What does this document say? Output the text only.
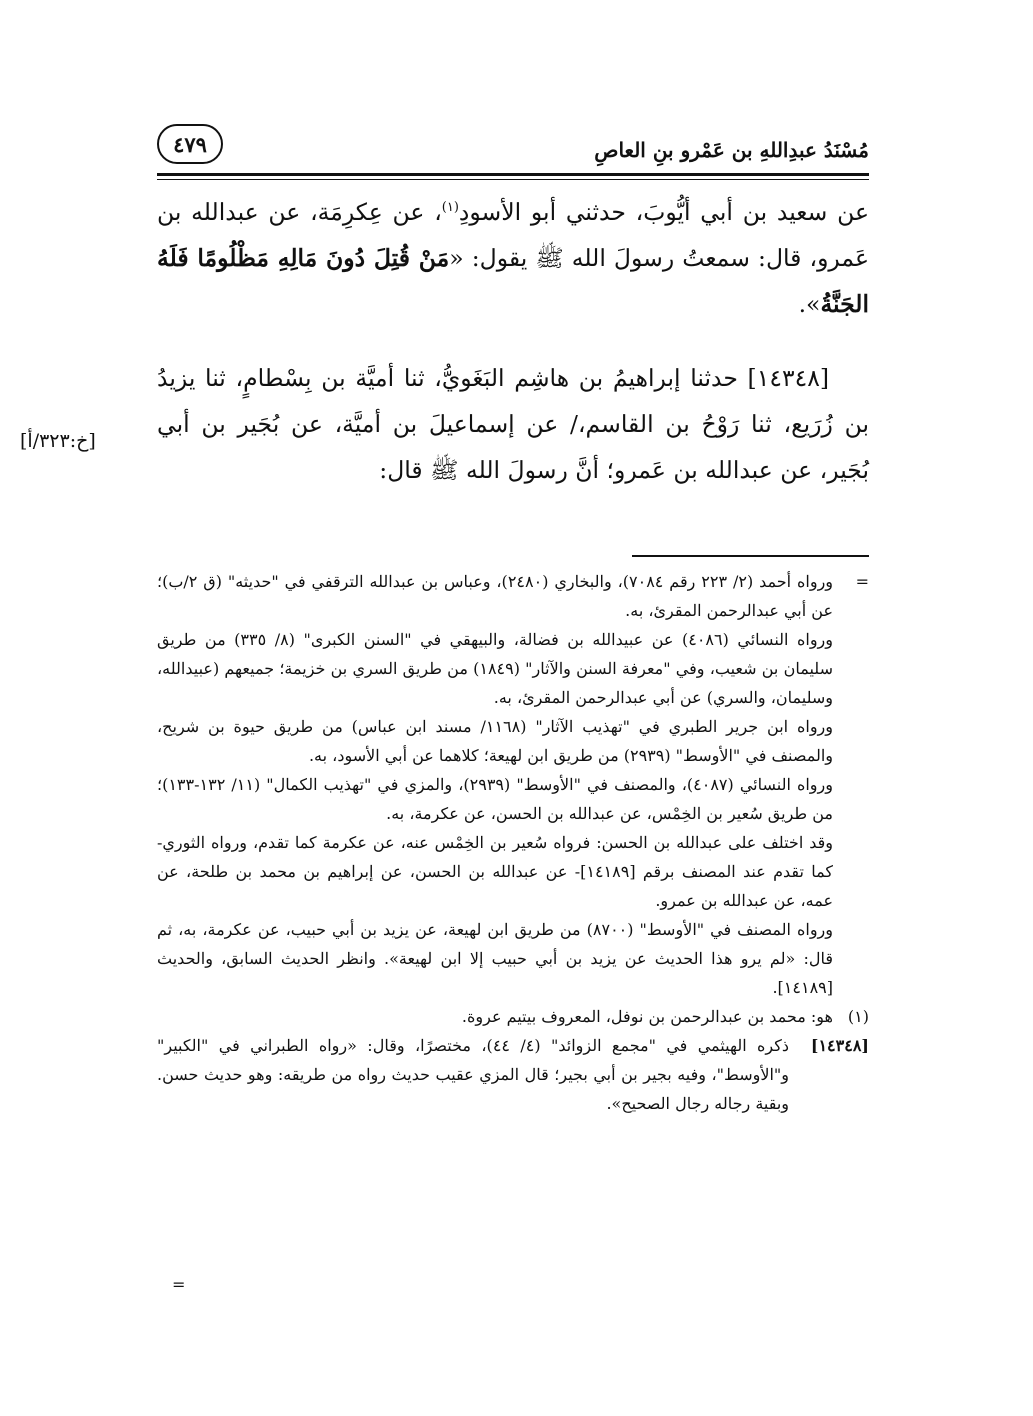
مُسْنَدُ عبدِاللهِ بن عَمْرو بنِ العاصِ
٤٧٩

عن سعيد بن أبي أيُّوبَ، حدثني أبو الأسودِ$^{(١)}$، عن عِكرِمَة، عن عبدالله بن عَمرو، قال: سمعتُ رسولَ الله ﷺ يقول: «مَنْ قُتِلَ دُونَ مَالِهِ مَظْلُومًا فَلَهُ الجَنَّةُ».

[١٤٣٤٨] حدثنا إبراهيمُ بن هاشِم البَغَويُّ، ثنا أميَّة بن بِسْطامٍ، ثنا يزيدُ بن زُرَيع، ثنا رَوْحُ بن القاسم،/ عن إسماعيلَ بن أميَّة، عن بُجَير بن أبي بُجَير، عن عبدالله بن عَمرو؛ أنَّ رسولَ الله ﷺ قال:

[خ:٣٢٣/أ]

=
ورواه أحمد (٢/ ٢٢٣ رقم ٧٠٨٤)، والبخاري (٢٤٨٠)، وعباس بن عبدالله الترقفي في "حديثه" (ق ٢/ب)؛ عن أبي عبدالرحمن المقرئ، به.

ورواه النسائي (٤٠٨٦) عن عبيدالله بن فضالة، والبيهقي في "السنن الكبرى" (٨/ ٣٣٥) من طريق سليمان بن شعيب، وفي "معرفة السنن والآثار" (١٨٤٩) من طريق السري بن خزيمة؛ جميعهم (عبيدالله، وسليمان، والسري) عن أبي عبدالرحمن المقرئ، به.

ورواه ابن جرير الطبري في "تهذيب الآثار" (١١٦٨/ مسند ابن عباس) من طريق حيوة بن شريح، والمصنف في "الأوسط" (٢٩٣٩) من طريق ابن لهيعة؛ كلاهما عن أبي الأسود، به.

ورواه النسائي (٤٠٨٧)، والمصنف في "الأوسط" (٢٩٣٩)، والمزي في "تهذيب الكمال" (١١/ ١٣٢-١٣٣)؛ من طريق سُعير بن الخِمْس، عن عبدالله بن الحسن، عن عكرمة، به.

وقد اختلف على عبدالله بن الحسن: فرواه سُعير بن الخِمْس عنه، عن عكرمة كما تقدم، ورواه الثوري- كما تقدم عند المصنف برقم [١٤١٨٩]- عن عبدالله بن الحسن، عن إبراهيم بن محمد بن طلحة، عن عمه، عن عبدالله بن عمرو.

ورواه المصنف في "الأوسط" (٨٧٠٠) من طريق ابن لهيعة، عن يزيد بن أبي حبيب، عن عكرمة، به، ثم قال: «لم يرو هذا الحديث عن يزيد بن أبي حبيب إلا ابن لهيعة». وانظر الحديث السابق، والحديث [١٤١٨٩].

(١)
هو: محمد بن عبدالرحمن بن نوفل، المعروف بيتيم عروة.

[١٤٣٤٨]
ذكره الهيثمي في "مجمع الزوائد" (٤/ ٤٤)، مختصرًا، وقال: «رواه الطبراني في "الكبير" و"الأوسط"، وفيه بجير بن أبي بجير؛ قال المزي عقيب حديث رواه من طريقه: وهو حديث حسن. وبقية رجاله رجال الصحيح».

=
